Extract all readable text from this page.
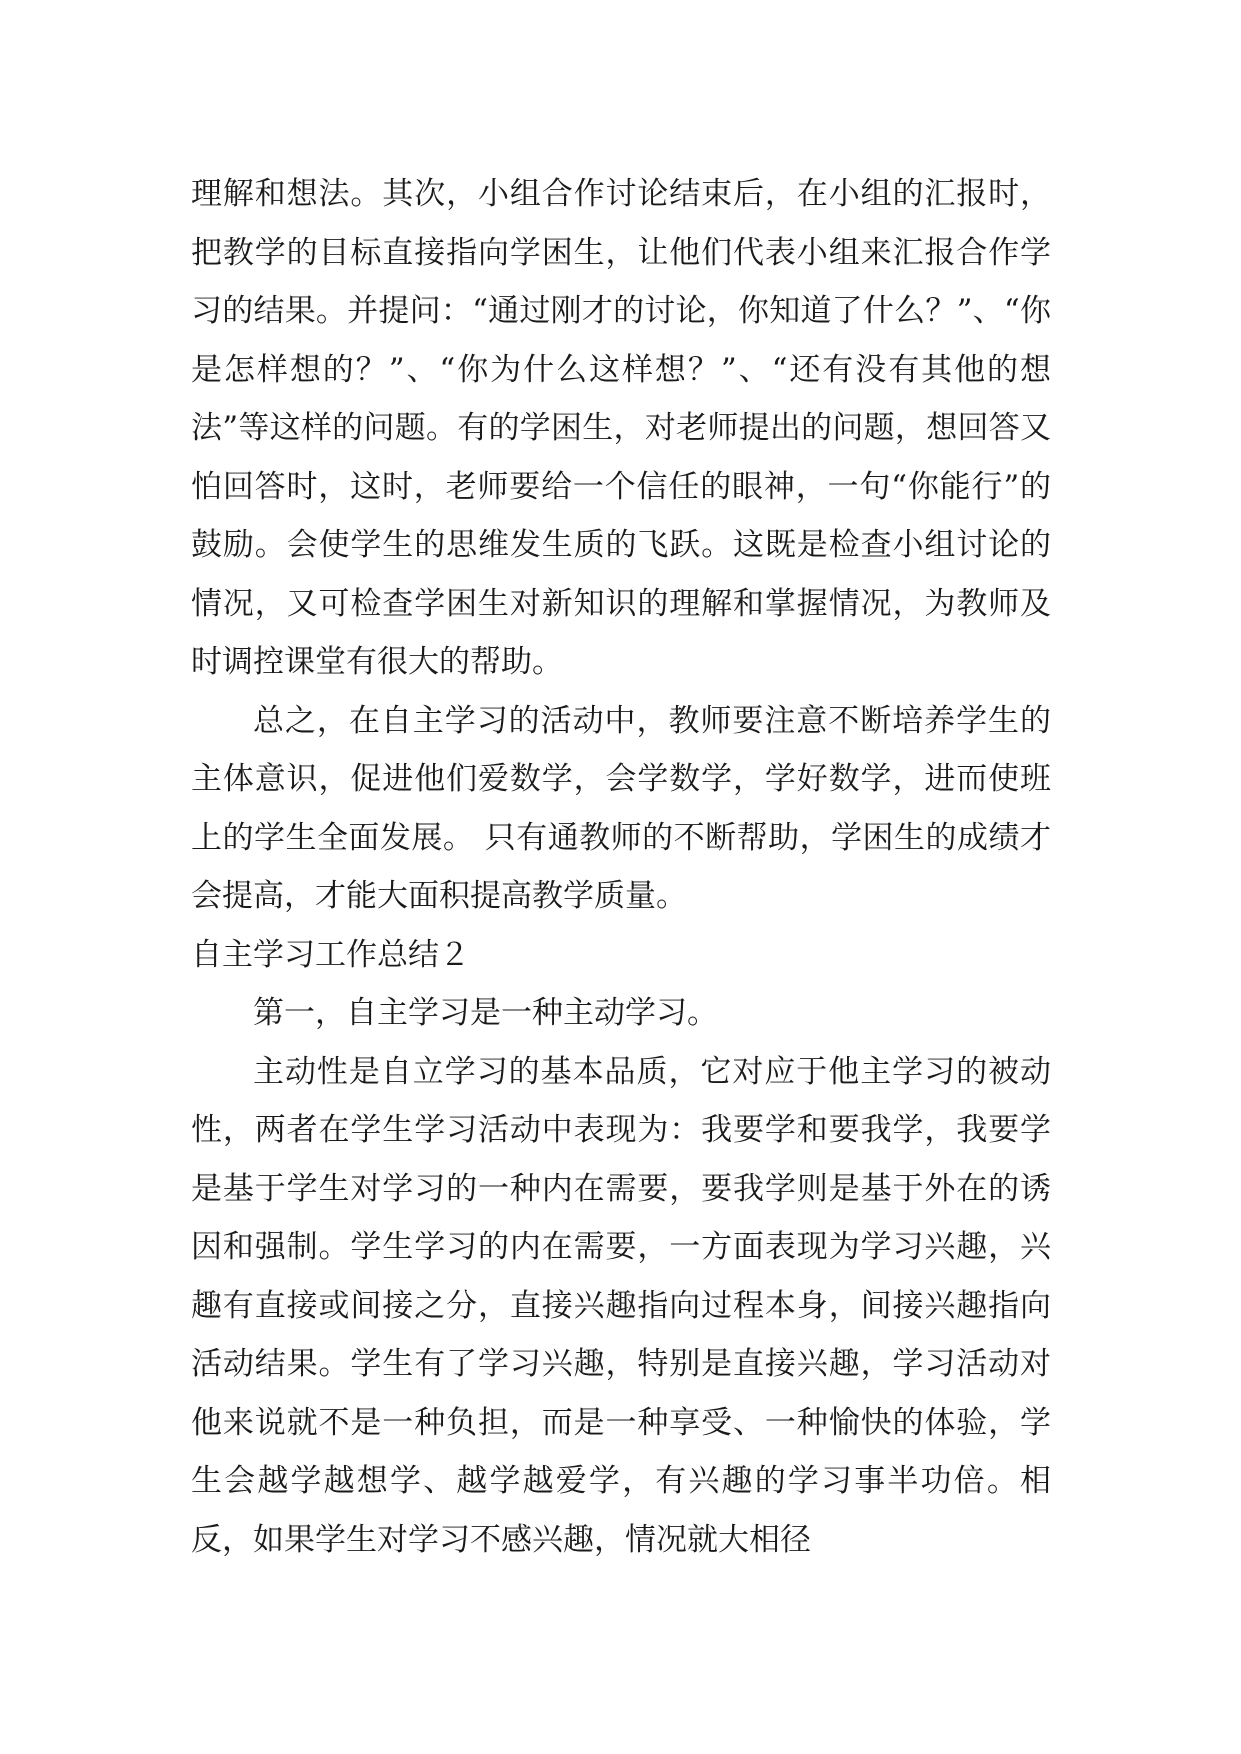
理解和想法。其次，小组合作讨论结束后，在小组的汇报时，把教学的目标直接指向学困生，让他们代表小组来汇报合作学习的结果。并提问：“通过刚才的讨论，你知道了什么？”、“你是怎样想的？”、“你为什么这样想？”、“还有没有其他的想法”等这样的问题。有的学困生，对老师提出的问题，想回答又怕回答时，这时，老师要给一个信任的眼神，一句“你能行”的鼓励。会使学生的思维发生质的飞跃。这既是检查小组讨论的情况，又可检查学困生对新知识的理解和掌握情况，为教师及时调控课堂有很大的帮助。

总之，在自主学习的活动中，教师要注意不断培养学生的主体意识，促进他们爱数学，会学数学，学好数学，进而使班上的学生全面发展。 只有通教师的不断帮助，学困生的成绩才会提高，才能大面积提高教学质量。

自主学习工作总结２

第一，自主学习是一种主动学习。

主动性是自立学习的基本品质，它对应于他主学习的被动性，两者在学生学习活动中表现为：我要学和要我学，我要学是基于学生对学习的一种内在需要，要我学则是基于外在的诱因和强制。学生学习的内在需要，一方面表现为学习兴趣，兴趣有直接或间接之分，直接兴趣指向过程本身，间接兴趣指向活动结果。学生有了学习兴趣，特别是直接兴趣，学习活动对他来说就不是一种负担，而是一种享受、一种愉快的体验，学生会越学越想学、越学越爱学，有兴趣的学习事半功倍。相反，如果学生对学习不感兴趣，情况就大相径
